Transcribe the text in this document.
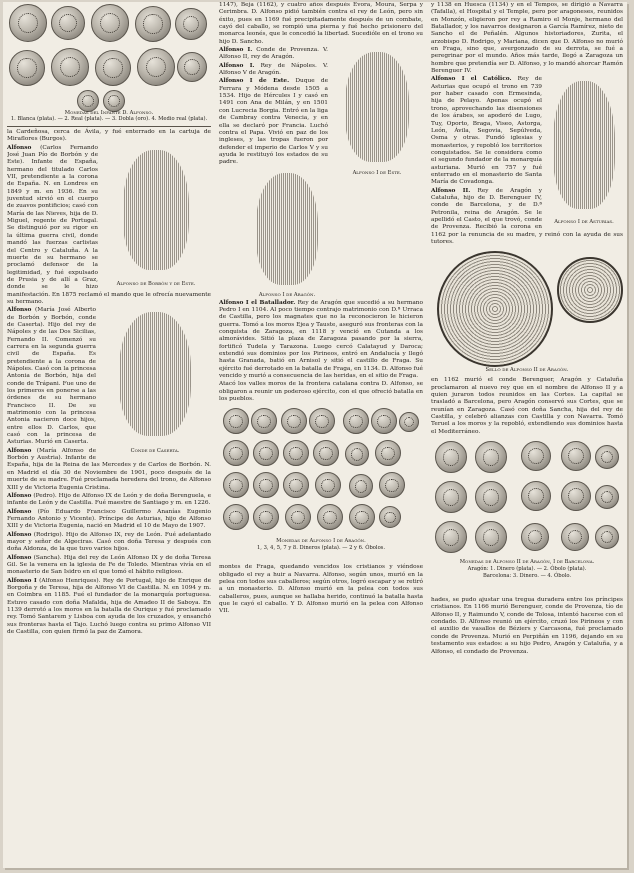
Monedas del Infante D. Alfonso.
1. Blanca (plata). — 2. Real (plata). — 3. Dobla (oro). 4. Medio real (plata).

la Cardeñosa, cerca de Ávila, y fué enterrado en la cartuja de Miraflores (Burgos).

Alfonso de Borbón y de Este.

Alfonso (Carlos Fernando José Juan Pío de Borbón y de Este). Infante de España, hermano del titulado Carlos VII, pretendiente a la corona de España. N. en Londres en 1849 y m. en 1936. En su juventud sirvió en el cuerpo de zuavos pontificios; casó con María de las Nieves, hija de D. Miguel, regente de Portugal. Se distinguió por su rigor en la última guerra civil, donde mandó las fuerzas carlistas del Centro y Cataluña. A la muerte de su hermano se proclamó defensor de la legitimidad, y fué expulsado de Prusia y de allí a Graz, donde se le hizo manifestación. En 1875 reclamó el mando que le ofrecía nuevamente su hermano.

Conde de Caserta.

Alfonso (María José Alberto de Borbón y Borbón, conde de Caserta). Hijo del rey de Nápoles y de las Dos Sicilias, Fernando II. Comenzó su carrera en la segunda guerra civil de España. Es pretendiente a la corona de Nápoles. Casó con la princesa Antonia de Borbón, hija del conde de Trápani. Fue uno de los primeros en ponerse a las órdenes de su hermano Francisco II. De su matrimonio con la princesa Antonia nacieron doce hijos, entre ellos D. Carlos, que casó con la princesa de Asturias. Murió en Caserta.

Alfonso (María Alfonso de Borbón y Austria). Infante de España, hija de la Reina de las Mercedes y de Carlos de Borbón. N. en Madrid el día 30 de Noviembre de 1901, poco después de la muerte de su madre. Fué proclamada heredera del trono, de Alfonso XIII y de Victoria Eugenia Cristina.

Alfonso (Pedro). Hijo de Alfonso IX de León y de doña Berenguela, e infante de León y de Castilla. Fué maestre de Santiago y m. en 1226.

Alfonso (Pío Eduardo Francisco Guillermo Ananías Eugenio Fernando Antonio y Vicente). Príncipe de Asturias, hijo de Alfonso XIII y de Victoria Eugenia, nació en Madrid el 10 de Mayo de 1907.

Alfonso (Rodrigo). Hijo de Alfonso IX, rey de León. Fué adelantado mayor y señor de Algeciras. Casó con doña Teresa y después con doña Aldonza, de la que tuvo varios hijos.

Alfonso (Sancha). Hija del rey de León Alfonso IX y de doña Teresa Gil. Se la venera en la iglesia de Fe de Toledo. Mientras vivía en el monasterio de San Isidro en el que tomó el hábito religioso.

Alfonso I (Alfonso Henriques). Rey de Portugal, hijo de Enrique de Borgoña y de Teresa, hija de Alfonso VI de Castilla. N. en 1094 y m. en Coimbra en 1185. Fué el fundador de la monarquía portuguesa. Estuvo casado con doña Mafalda, hija de Amadeo II de Saboya. En 1139 derrotó a los moros en la batalla de Ourique y fué proclamado rey. Tomó Santarem y Lisboa con ayuda de los cruzados, y ensanchó sus fronteras hasta el Tajo. Luchó luego contra su primo Alfonso VII de Castilla, con quien firmó la paz de Zamora.

1147), Beja (1162), y cuatro años después Évora, Moura, Serpa y Cerimbra. D. Alfonso pidió también contra el rey de León, pero sin éxito, pues en 1169 fué precipitadamente después de un combate, cayó del caballo, se rompió una pierna y fué hecho prisionero del monarca leonés, que le concedió la libertad. Sucedióle en el trono su hijo D. Sancho.

Alfonso I de Este.

Alfonso I. Conde de Provenza. V. Alfonso II, rey de Aragón.

Alfonso I. Rey de Nápoles. V. Alfonso V de Aragón.

Alfonso I de Este. Duque de Ferrara y Módena desde 1505 a 1534. Hijo de Hércules I y casó en 1491 con Ana de Milán, y en 1501 con Lucrecia Borgia. Entró en la liga de Cambray contra Venecia, y en ella se declaró por Francia. Luchó contra el Papa. Vivió en paz de los ingleses, y las tropas fueron por defender el imperio de Carlos V y su ayuda le restituyó los estados de su padre.

Alfonso I de Aragón.

Alfonso I el Batallador. Rey de Aragón que sucedió a su hermano Pedro I en 1104. Al poco tiempo contrajo matrimonio con D.ª Urraca de Castilla, pero los magnates que no la reconocieron le hicieron guerra. Tomó a los moros Ejea y Tauste, aseguró sus fronteras con la conquista de Zaragoza, en 1118 y venció en Cutanda a los almorávides. Sitió la plaza de Zaragoza pasando por la sierra, fortificó Tudela y Tarazona. Luego cercó Calatayud y Daroca; extendió sus dominios por los Pirineos, entró en Andalucía y llegó hasta Granada, batió en Arnisol y sitió el castillo de Fraga. Su ejército fué derrotado en la batalla de Fraga, en 1134. D. Alfonso fué vencido y murió a consecuencia de las heridas, en el sitio de Fraga.

Atacó los valles moros de la frontera catalana contra D. Alfonso, se obligaron a reunir un poderoso ejército, con el que ofreció batalla en los pueblos.

Monedas de Alfonso I de Aragón.
1, 3, 4, 5, 7 y 8. Dineros (plata). — 2 y 6. Óbolos.

montes de Fraga, quedando vencidos los cristianos y viéndose obligado el rey a huir a Navarra. Alfonso, según unos, murió en la pelea con todos sus caballeros; según otros, logró escapar y se retiró a un monasterio. D. Alfonso murió en la pelea con todos sus caballeros, pues, aunque se hallaba herido, continuó la batalla hasta que le cayó el caballo. Y D. Alfonso murió en la pelea con Alfonso VII.

y 1138 en Huesca (1134) y en el Tempos, se dirigió a Navarra (Tafalla), el Hospital y el Temple, pero por aragoneses, reunidos en Monzón, eligieron por rey a Ramiro el Monje, hermano del Batallador, y los navarros designaron a García Ramírez, nieto de Sancho el de Peñalén. Algunos historiadores, Zurita, el arzobispo D. Rodrigo, y Mariana, dicen que D. Alfonso no murió en Fraga, sino que, avergonzado de su derrota, se fué a peregrinar por el mundo. Años más tarde, llegó a Zaragoza un hombre que pretendía ser D. Alfonso, y lo mandó ahorcar Ramón Berenguer IV.

Alfonso I de Asturias.

Alfonso I el Católico. Rey de Asturias que ocupó el trono en 739 por haber casado con Ermesinda, hija de Pelayo. Apenas ocupó el trono, aprovechando las disensiones de los árabes, se apoderó de Lugo, Tuy, Oporto, Braga, Viseo, Astorga, León, Ávila, Segovia, Sepúlveda, Osma y otras. Fundó iglesias y monasterios, y repobló los territorios conquistados. Se le considera como el segundo fundador de la monarquía asturiana. Murió en 757 y fué enterrado en el monasterio de Santa María de Covadonga.

Alfonso II. Rey de Aragón y Cataluña, hijo de D. Berenguer IV, conde de Barcelona, y de D.ª Petronila, reina de Aragón. Se le apellidó el Casto, el que trovó, conde de Provenza. Recibió la corona en 1162 por la renuncia de su madre, y reinó con la ayuda de sus tutores.

Sello de Alfonso II de Aragón.

en 1162 murió el conde Berenguer, Aragón y Cataluña proclamaron al nuevo rey que en el nombre de Alfonso II y a quien juraron todos reunidos en las Cortes. La capital se trasladó a Barcelona, pero Aragón conservó sus Cortes, que se reunían en Zaragoza. Casó con doña Sancha, hija del rey de Castilla, y celebró alianzas con Castilla y con Navarra. Tomó Teruel a los moros y la repobló, extendiendo sus dominios hasta el Mediterráneo.

Monedas de Alfonso II de Aragón, I de Barcelona.
Aragón: 1. Dinero (plata). — 2. Óbolo (plata).
Barcelona: 3. Dinero. — 4. Óbolo.

hades, se pudo ajustar una tregua duradera entre los príncipes cristianos. En 1166 murió Berenguer, conde de Provenza, tío de Alfonso II, y Raimundo V, conde de Tolosa, intentó hacerse con el condado. D. Alfonso reunió un ejército, cruzó los Pirineos y con el auxilio de vasallos de Béziers y Carcasona, fué proclamado conde de Provenza. Murió en Perpiñán en 1196, dejando en su testamento sus estados: a su hijo Pedro, Aragón y Cataluña, y a Alfonso, el condado de Provenza.
